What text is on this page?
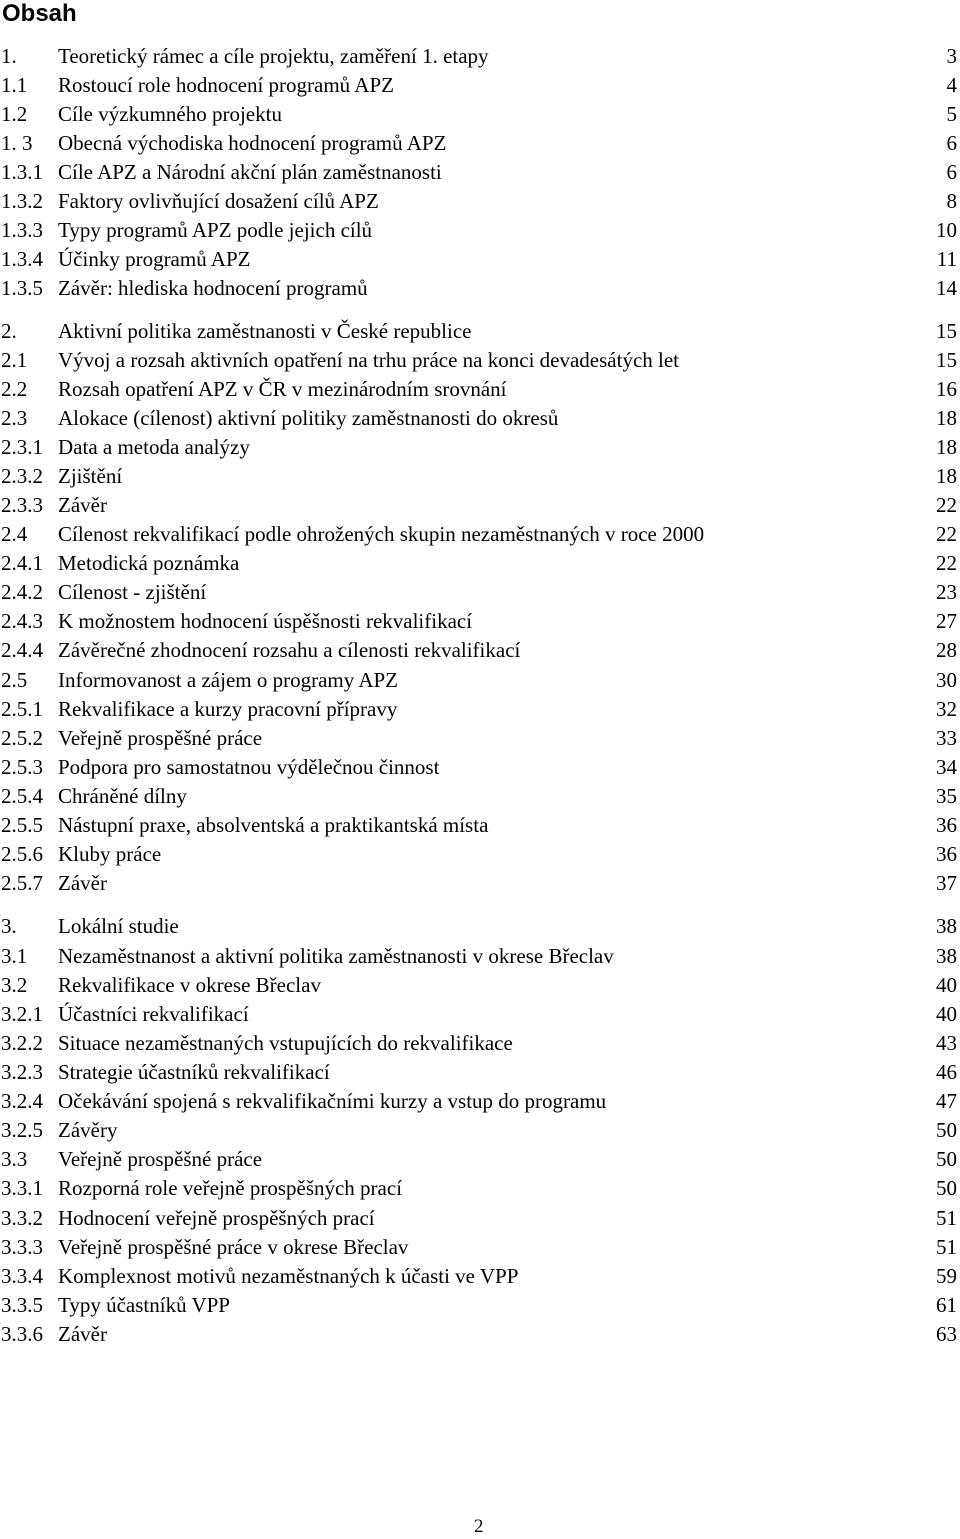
Obsah
1. Teoretický rámec a cíle projektu, zaměření 1. etapy	3
1.1 Rostoucí role hodnocení programů APZ	4
1.2 Cíle výzkumného projektu	5
1. 3 Obecná východiska hodnocení programů APZ	6
1.3.1 Cíle APZ a Národní akční plán zaměstnanosti	6
1.3.2 Faktory ovlivňující dosažení cílů APZ	8
1.3.3 Typy programů APZ podle jejich cílů	10
1.3.4 Účinky programů APZ	11
1.3.5 Závěr: hlediska hodnocení programů	14
2. Aktivní politika zaměstnanosti v České republice	15
2.1 Vývoj a rozsah aktivních opatření na trhu práce na konci devadesátých let	15
2.2 Rozsah opatření APZ v ČR v mezinárodním srovnání	16
2.3 Alokace (cílenost) aktivní politiky zaměstnanosti do okresů	18
2.3.1 Data a metoda analýzy	18
2.3.2 Zjištění	18
2.3.3 Závěr	22
2.4 Cílenost rekvalifikací podle ohrožených skupin nezaměstnaných v roce 2000	22
2.4.1 Metodická poznámka	22
2.4.2 Cílenost - zjištění	23
2.4.3 K možnostem hodnocení úspěšnosti rekvalifikací	27
2.4.4 Závěrečné zhodnocení rozsahu a cílenosti rekvalifikací	28
2.5 Informovanost a zájem o programy APZ	30
2.5.1 Rekvalifikace a kurzy pracovní přípravy	32
2.5.2 Veřejně prospěšné práce	33
2.5.3 Podpora pro samostatnou výdělečnou činnost	34
2.5.4 Chráněné dílny	35
2.5.5 Nástupní praxe, absolventská a praktikantská místa	36
2.5.6 Kluby práce	36
2.5.7 Závěr	37
3. Lokální studie	38
3.1 Nezaměstnanost a aktivní politika zaměstnanosti v okrese Břeclav	38
3.2 Rekvalifikace v okrese Břeclav	40
3.2.1 Účastníci rekvalifikací	40
3.2.2 Situace nezaměstnaných vstupujících do rekvalifikace	43
3.2.3 Strategie účastníků rekvalifikací	46
3.2.4 Očekávání spojená s rekvalifikačními kurzy a vstup do programu	47
3.2.5 Závěry	50
3.3 Veřejně prospěšné práce	50
3.3.1 Rozporná role veřejně prospěšných prací	50
3.3.2 Hodnocení veřejně prospěšných prací	51
3.3.3 Veřejně prospěšné práce v okrese Břeclav	51
3.3.4 Komplexnost motivů nezaměstnaných k účasti ve VPP	59
3.3.5 Typy účastníků VPP	61
3.3.6 Závěr	63
2
